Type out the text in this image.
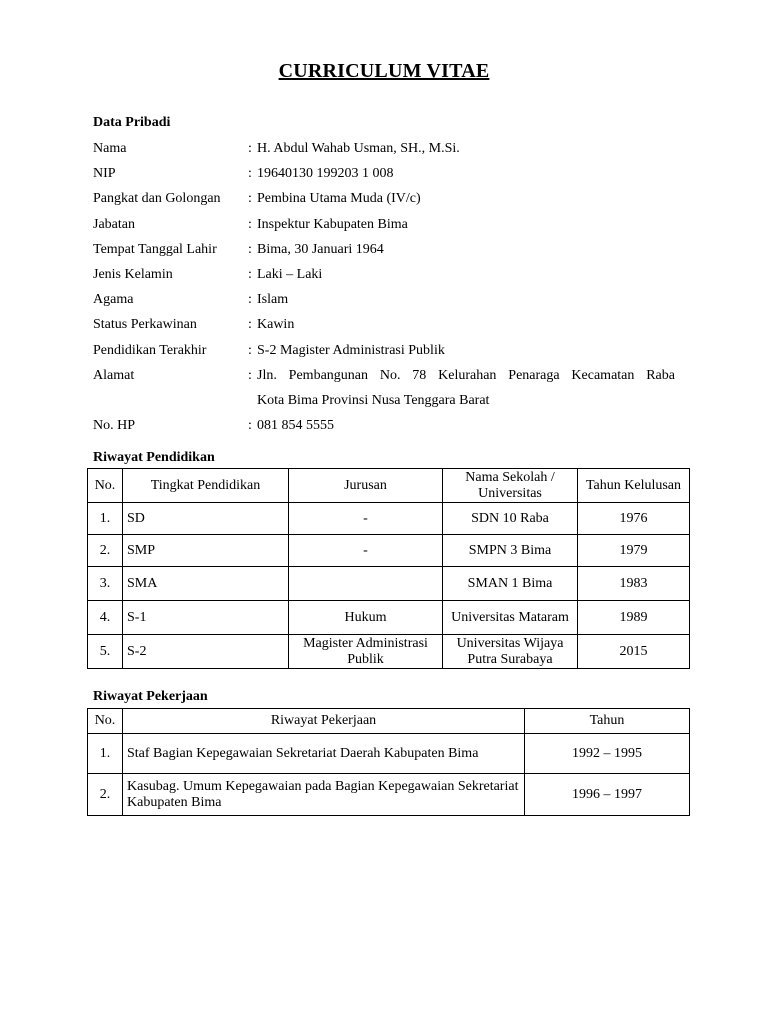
CURRICULUM VITAE
Data Pribadi
Nama	: H. Abdul Wahab Usman, SH., M.Si.
NIP	: 19640130 199203 1 008
Pangkat dan Golongan : Pembina Utama Muda (IV/c)
Jabatan	: Inspektur Kabupaten Bima
Tempat Tanggal Lahir : Bima, 30 Januari 1964
Jenis Kelamin	: Laki – Laki
Agama	: Islam
Status Perkawinan	: Kawin
Pendidikan Terakhir	: S-2 Magister Administrasi Publik
Alamat	: Jln. Pembangunan No. 78 Kelurahan Penaraga Kecamatan Raba
Kota Bima Provinsi Nusa Tenggara Barat
No. HP	: 081 854 5555
Riwayat Pendidikan
No.	Tingkat Pendidikan	Jurusan	Nama Sekolah / Universitas	Tahun Kelulusan
1.	SD	-	SDN 10 Raba	1976
2.	SMP	-	SMPN 3 Bima	1979
3.	SMA		SMAN 1 Bima	1983
4.	S-1	Hukum	Universitas Mataram	1989
5.	S-2	Magister Administrasi Publik	Universitas Wijaya Putra Surabaya	2015
Riwayat Pekerjaan
No.	Riwayat Pekerjaan	Tahun
1.	Staf Bagian Kepegawaian Sekretariat Daerah Kabupaten Bima	1992 – 1995
2.	Kasubag. Umum Kepegawaian pada Bagian Kepegawaian Sekretariat Kabupaten Bima	1996 – 1997
